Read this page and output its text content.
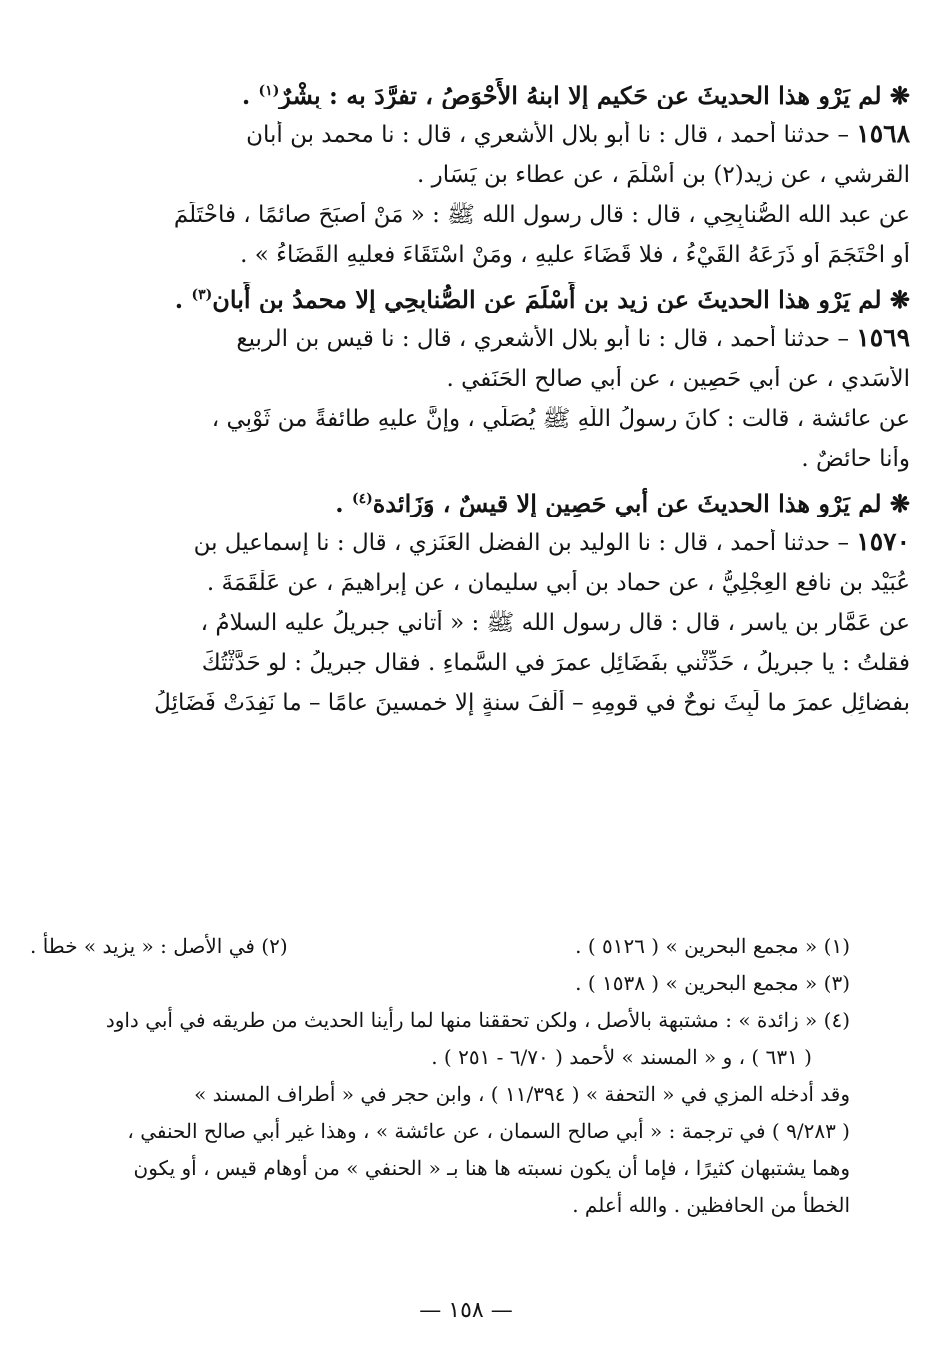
❋ لم يَرْوِ هذا الحديثَ عن حَكيمٍ إلا ابنهُ الأَحْوَصُ ، تفرَّدَ به : بِشْرٌ$^{(١)}$ .
١٥٦٨ – حدثنا أحمد ، قال : نا أبو بلال الأشعري ، قال : نا محمد بن أبان
القرشي ، عن زيد(٢) بن أَسْلَمَ ، عن عطاء بن يَسَار .
عن عبد الله الصُّنابِحِي ، قال : قال رسول الله ﷺ : « مَنْ أَصبَحَ صائمًا ، فاحْتَلَمَ
أو احْتَجَمَ أو ذَرَعَهُ القَيْءُ ، فلا قَضَاءَ عليهِ ، ومَنْ اسْتَقَاءَ فعليهِ القَضَاءُ » .
❋ لم يَرْوِ هذا الحديثَ عن زيد بن أَسْلَمَ عن الصُّنابِحِي إلا محمدُ بن أَبانٍ$^{(٣)}$ .
١٥٦٩ – حدثنا أحمد ، قال : نا أبو بلال الأشعري ، قال : نا قيس بن الربيع
الأَسَدي ، عن أبي حَصِين ، عن أبي صالح الحَنَفي .
عن عائشة ، قالت : كانَ رسولُ اللَّهِ ﷺ يُصَلِّي ، وإنَّ عليهِ طائفةً من ثَوْبِي ،
وأنا حائضٌ .
❋ لم يَرْوِ هذا الحديثَ عن أبي حَصِينٍ إلا قيسٌ ، وَزَائدة$^{(٤)}$ .
١٥٧٠ – حدثنا أحمد ، قال : نا الوليد بن الفضل العَنَزي ، قال : نا إسماعيل بن
عُبَيْد بن نافع العِجْلِيُّ ، عن حماد بن أبي سليمان ، عن إبراهيمَ ، عن عَلْقَمَةَ .
عن عَمَّار بن ياسر ، قال : قال رسول الله ﷺ : « أتاني جبريلُ عليه السلامُ ،
فقلتُ : يا جبريلُ ، حَدِّثْني بفَضَائِلِ عمرَ في السَّماءِ . فقال جبريلُ : لو حَدَّثْتُكَ
بفضائِلِ عمرَ ما لَبِثَ نوحٌ في قومِهِ – أَلْفَ سنةٍ إلا خمسينَ عامًا – ما نَفِدَتْ فَضَائِلُ
(١) « مجمع البحرين » ( ٥١٢٦ ) .
(٢) في الأصل : « يزيد » خطأ .
(٣) « مجمع البحرين » ( ١٥٣٨ ) .
(٤) « زائدة » : مشتبهة بالأصل ، ولكن تحققنا منها لما رأينا الحديث من طريقه في أبي داود
( ٦٣١ ) ، و « المسند » لأحمد ( ٦/٧٠ - ٢٥١ ) .
وقد أدخله المزي في « التحفة » ( ١١/٣٩٤ ) ، وابن حجر في « أطراف المسند »
( ٩/٢٨٣ ) في ترجمة : « أبي صالح السمان ، عن عائشة » ، وهذا غير أبي صالح الحنفي ،
وهما يشتبهان كثيرًا ، فإما أن يكون نسبته ها هنا بـ « الحنفي » من أوهام قيس ، أو يكون
الخطأ من الحافظين . والله أعلم .
— ١٥٨ —
